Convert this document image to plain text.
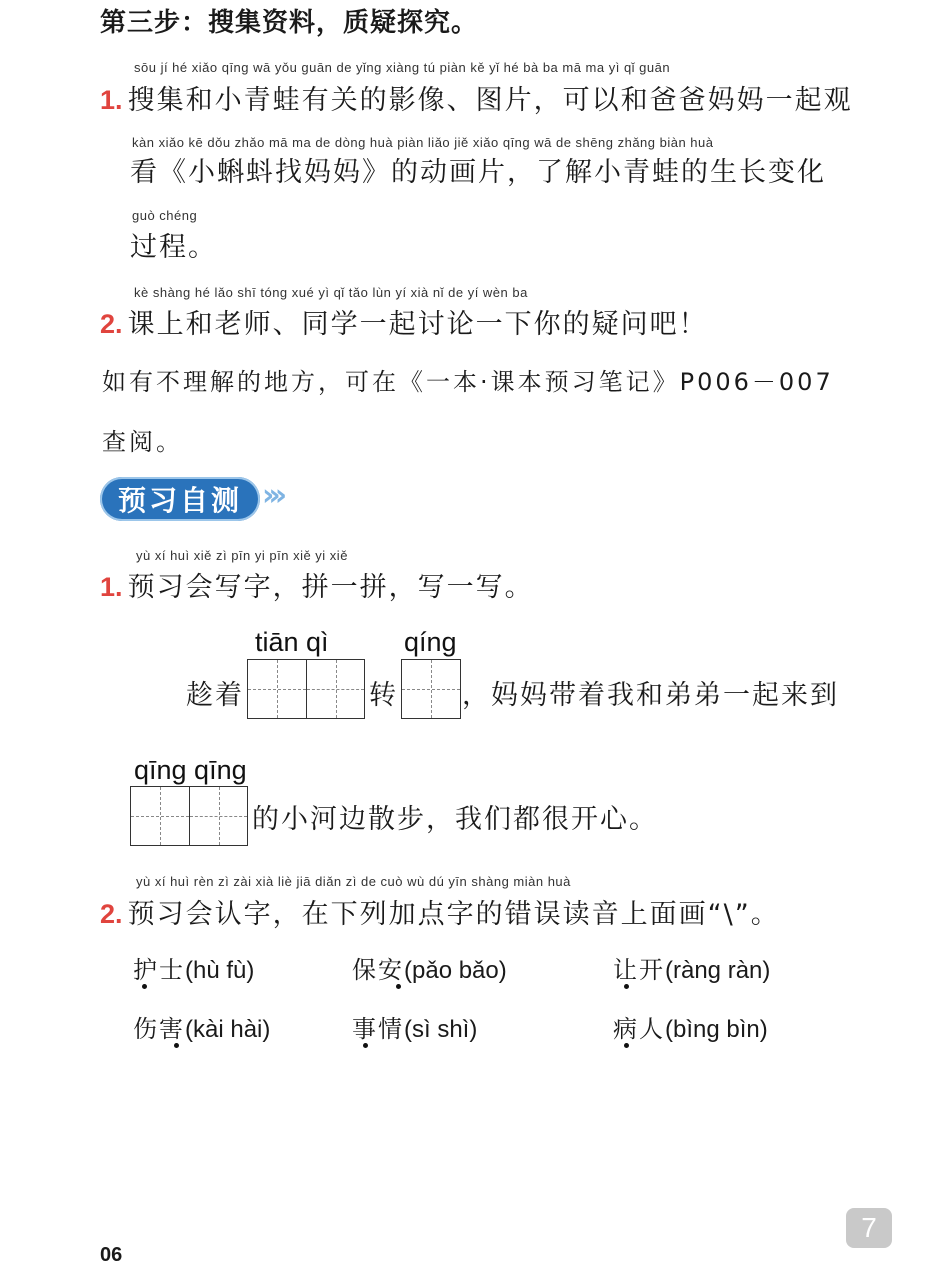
第三步：搜集资料，质疑探究。
sōu jí hé xiǎo qīng wā yǒu guān de yǐng xiàng tú piàn kě yǐ hé bà ba mā ma yì qǐ guān
1. 搜集和小青蛙有关的影像、图片，可以和爸爸妈妈一起观
kàn xiǎo kē dǒu zhǎo mā ma de dòng huà piàn liǎo jiě xiǎo qīng wā de shēng zhǎng biàn huà
看《小蝌蚪找妈妈》的动画片，了解小青蛙的生长变化
guò chéng
过程。
kè shàng hé lǎo shī tóng xué yì qǐ tǎo lùn yí xià nǐ de yí wèn ba
2. 课上和老师、同学一起讨论一下你的疑问吧！
如有不理解的地方，可在《一本·课本预习笔记》P006－007
查阅。
预习自测 ›››
yù xí huì xiě zì pīn yi pīn xiě yi xiě
1. 预习会写字，拼一拼，写一写。
tiān qì	qíng
趁着	转 ，妈妈带着我和弟弟一起来到
qīng qīng
的小河边散步，我们都很开心。
yù xí huì rèn zì zài xià liè jiā diǎn zì de cuò wù dú yīn shàng miàn huà
2. 预习会认字，在下列加点字的错误读音上面画“\”。
护士(hù fù)	保安(pǎo bǎo)	让开(ràng ràn)
伤害(kài hài)	事情(sì shì)	病人(bìng bìn)
06
7
